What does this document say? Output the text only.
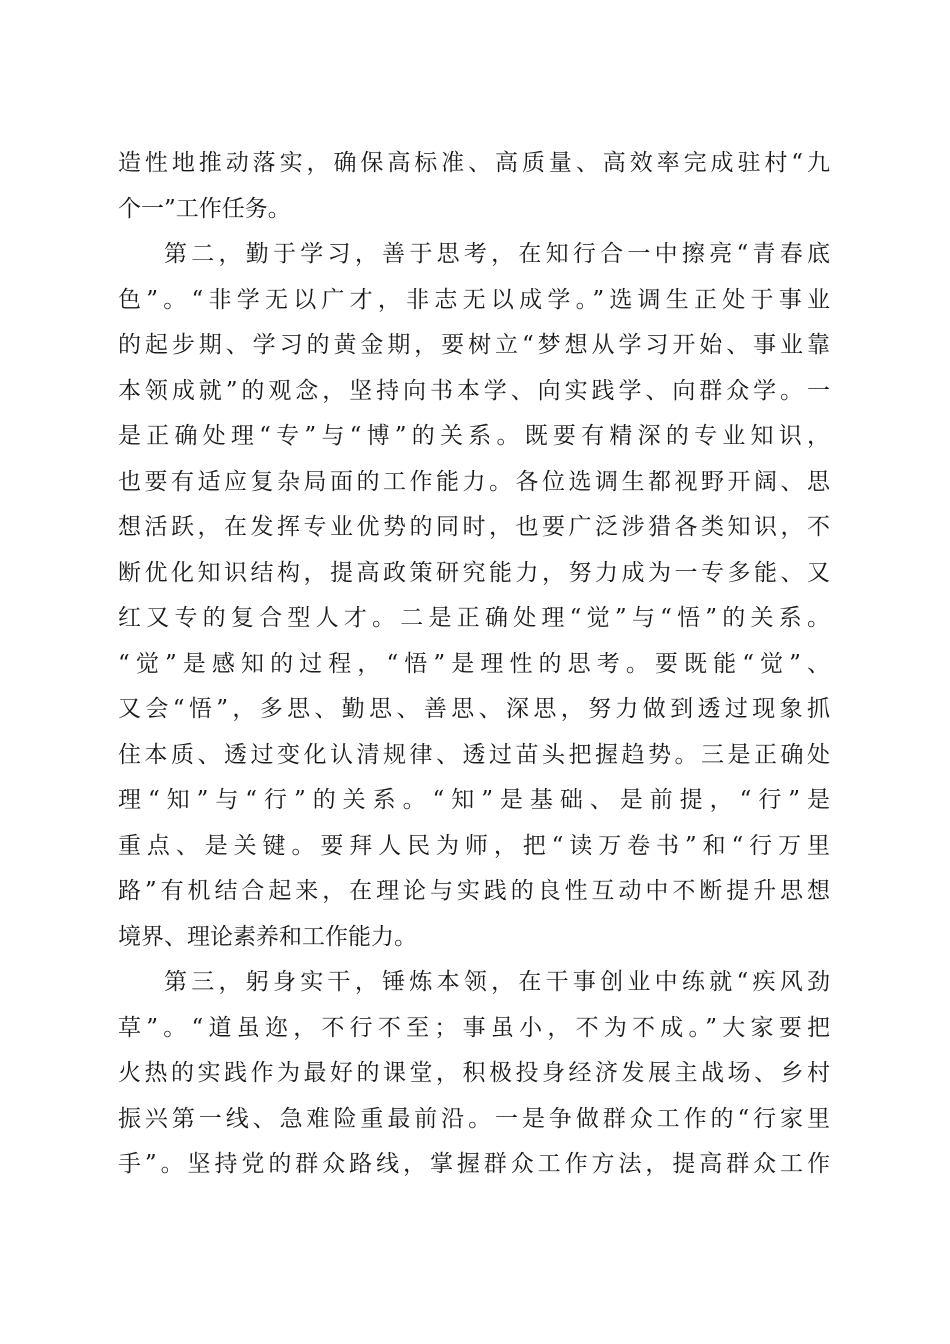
造性地推动落实，确保高标准、高质量、高效率完成驻村“九
个一”工作任务。
第二，勤于学习，善于思考，在知行合一中擦亮“青春底
色”。“非学无以广才，非志无以成学。”选调生正处于事业
的起步期、学习的黄金期，要树立“梦想从学习开始、事业靠
本领成就”的观念，坚持向书本学、向实践学、向群众学。一
是正确处理“专”与“博”的关系。既要有精深的专业知识，
也要有适应复杂局面的工作能力。各位选调生都视野开阔、思
想活跃，在发挥专业优势的同时，也要广泛涉猎各类知识，不
断优化知识结构，提高政策研究能力，努力成为一专多能、又
红又专的复合型人才。二是正确处理“觉”与“悟”的关系。
“觉”是感知的过程，“悟”是理性的思考。要既能“觉”、
又会“悟”，多思、勤思、善思、深思，努力做到透过现象抓
住本质、透过变化认清规律、透过苗头把握趋势。三是正确处
理“知”与“行”的关系。“知”是基础、是前提，“行”是
重点、是关键。要拜人民为师，把“读万卷书”和“行万里
路”有机结合起来，在理论与实践的良性互动中不断提升思想
境界、理论素养和工作能力。
第三，躬身实干，锤炼本领，在干事创业中练就“疾风劲
草”。“道虽迩，不行不至；事虽小，不为不成。”大家要把
火热的实践作为最好的课堂，积极投身经济发展主战场、乡村
振兴第一线、急难险重最前沿。一是争做群众工作的“行家里
手”。坚持党的群众路线，掌握群众工作方法，提高群众工作
